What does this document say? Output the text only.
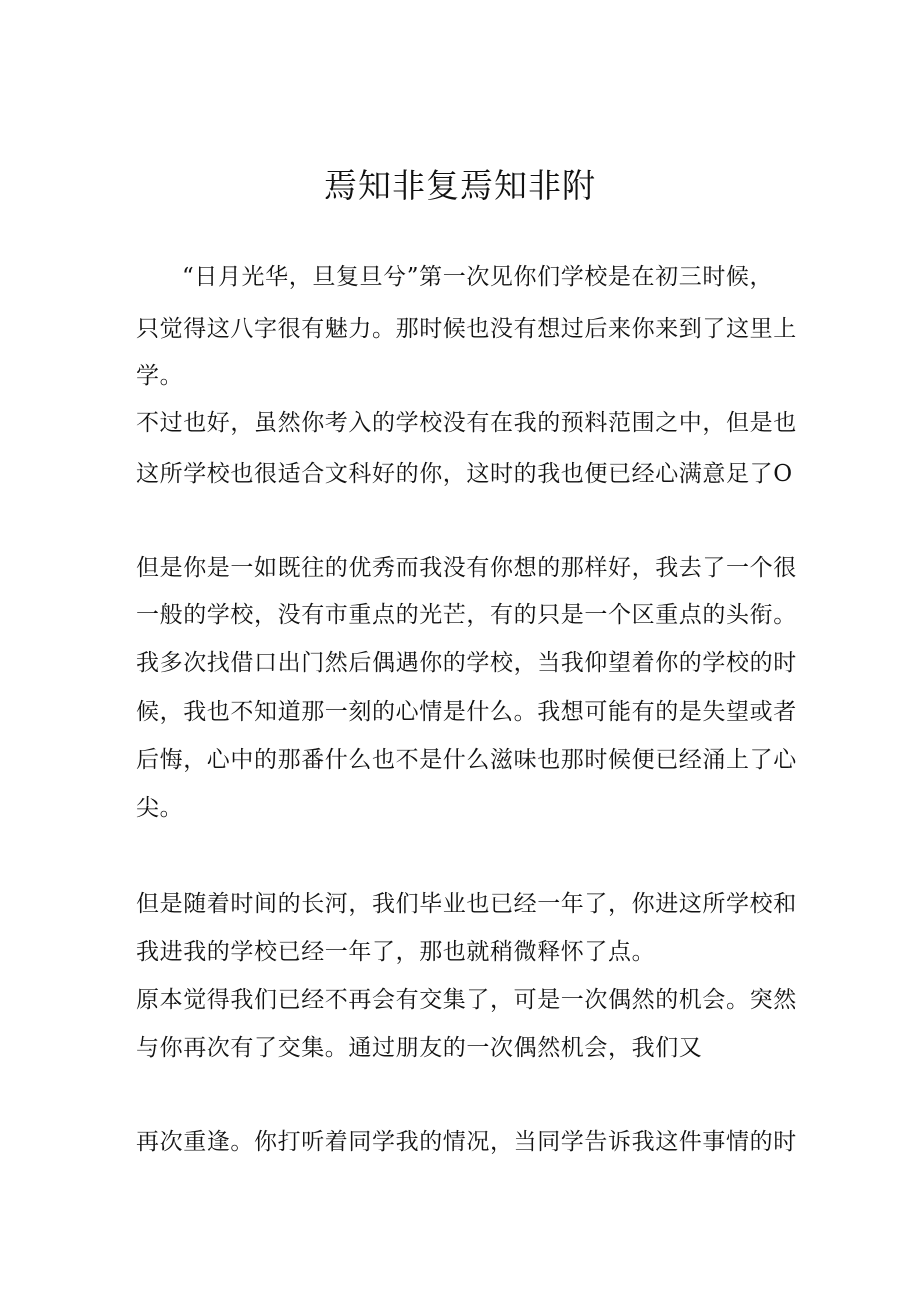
焉知非复焉知非附
“日月光华，旦复旦兮”第一次见你们学校是在初三时候，
只觉得这八字很有魅力。那时候也没有想过后来你来到了这里上
学。
不过也好，虽然你考入的学校没有在我的预料范围之中，但是也
这所学校也很适合文科好的你，这时的我也便已经心满意足了O
但是你是一如既往的优秀而我没有你想的那样好，我去了一个很
一般的学校，没有市重点的光芒，有的只是一个区重点的头衔。
我多次找借口出门然后偶遇你的学校，当我仰望着你的学校的时
候，我也不知道那一刻的心情是什么。我想可能有的是失望或者
后悔，心中的那番什么也不是什么滋味也那时候便已经涌上了心
尖。
但是随着时间的长河，我们毕业也已经一年了，你进这所学校和
我进我的学校已经一年了，那也就稍微释怀了点。
原本觉得我们已经不再会有交集了，可是一次偶然的机会。突然
与你再次有了交集。通过朋友的一次偶然机会，我们又
再次重逢。你打听着同学我的情况，当同学告诉我这件事情的时
